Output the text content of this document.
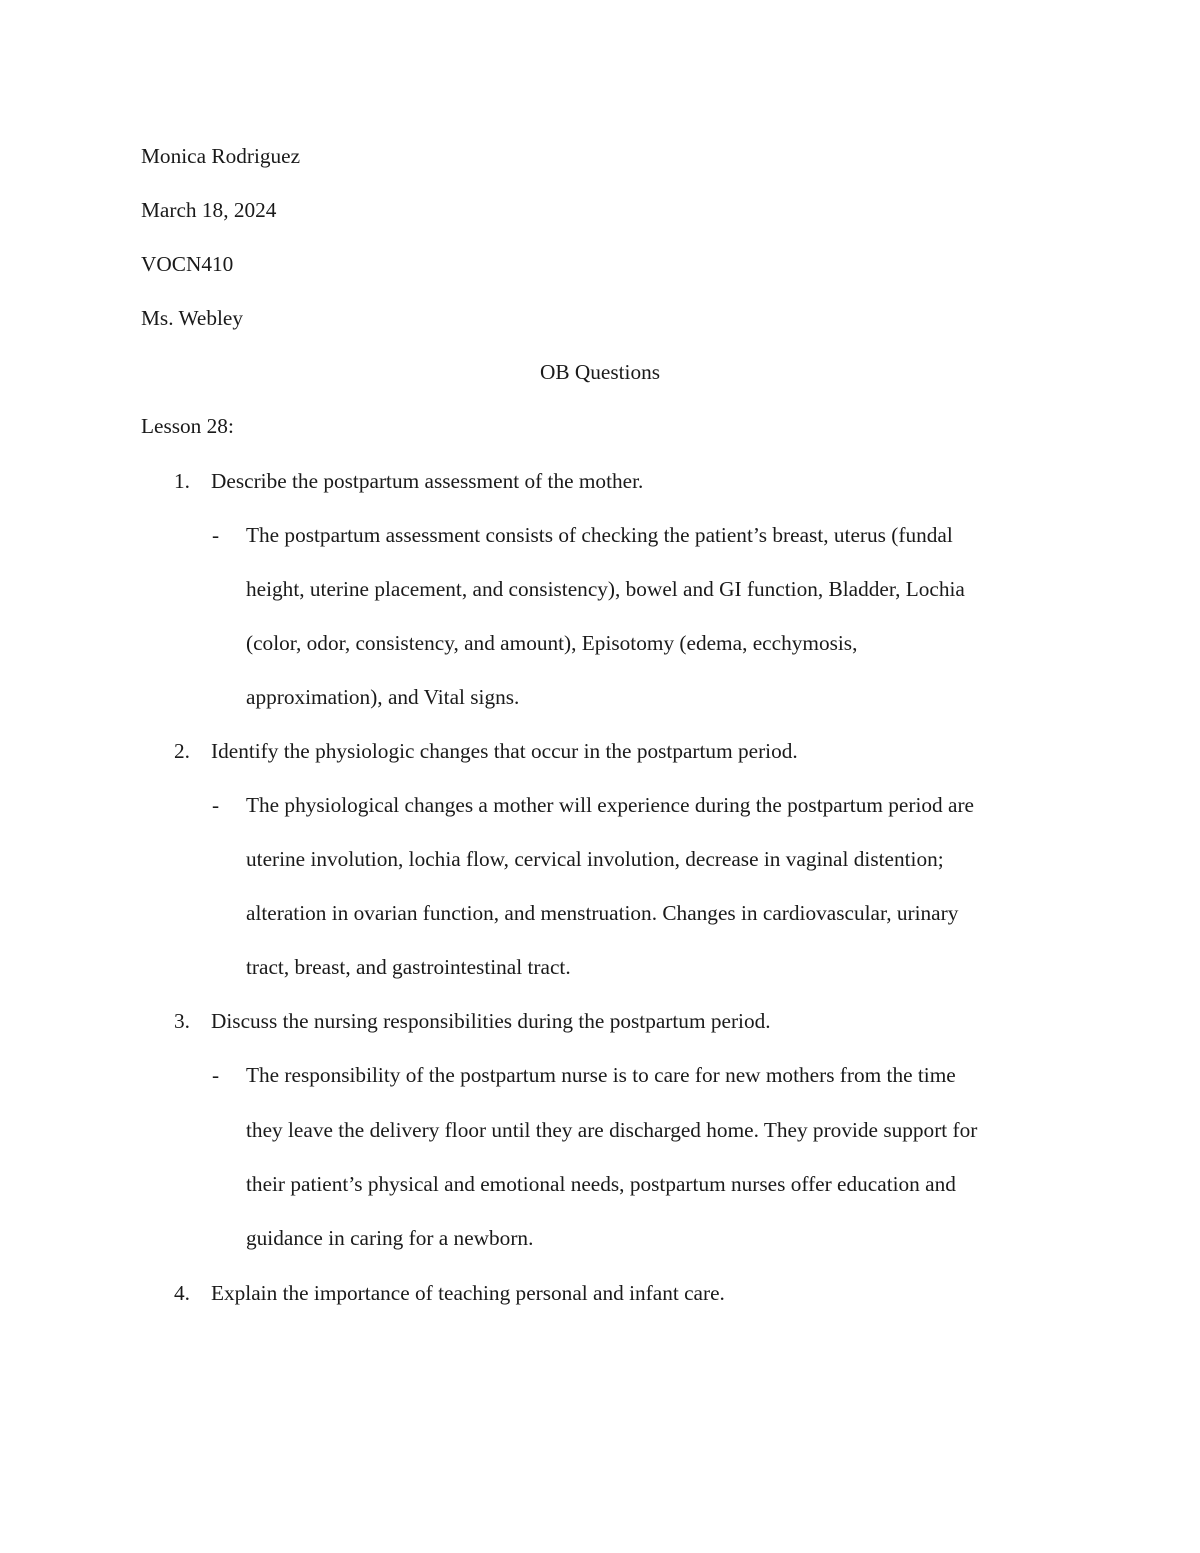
Monica Rodriguez
March 18, 2024
VOCN410
Ms. Webley
OB Questions
Lesson 28:
1. Describe the postpartum assessment of the mother.
- The postpartum assessment consists of checking the patient’s breast, uterus (fundal
height, uterine placement, and consistency), bowel and GI function, Bladder, Lochia
(color, odor, consistency, and amount), Episotomy (edema, ecchymosis,
approximation), and Vital signs.
2. Identify the physiologic changes that occur in the postpartum period.
- The physiological changes a mother will experience during the postpartum period are
uterine involution, lochia flow, cervical involution, decrease in vaginal distention;
alteration in ovarian function, and menstruation. Changes in cardiovascular, urinary
tract, breast, and gastrointestinal tract.
3. Discuss the nursing responsibilities during the postpartum period.
- The responsibility of the postpartum nurse is to care for new mothers from the time
they leave the delivery floor until they are discharged home. They provide support for
their patient’s physical and emotional needs, postpartum nurses offer education and
guidance in caring for a newborn.
4. Explain the importance of teaching personal and infant care.
